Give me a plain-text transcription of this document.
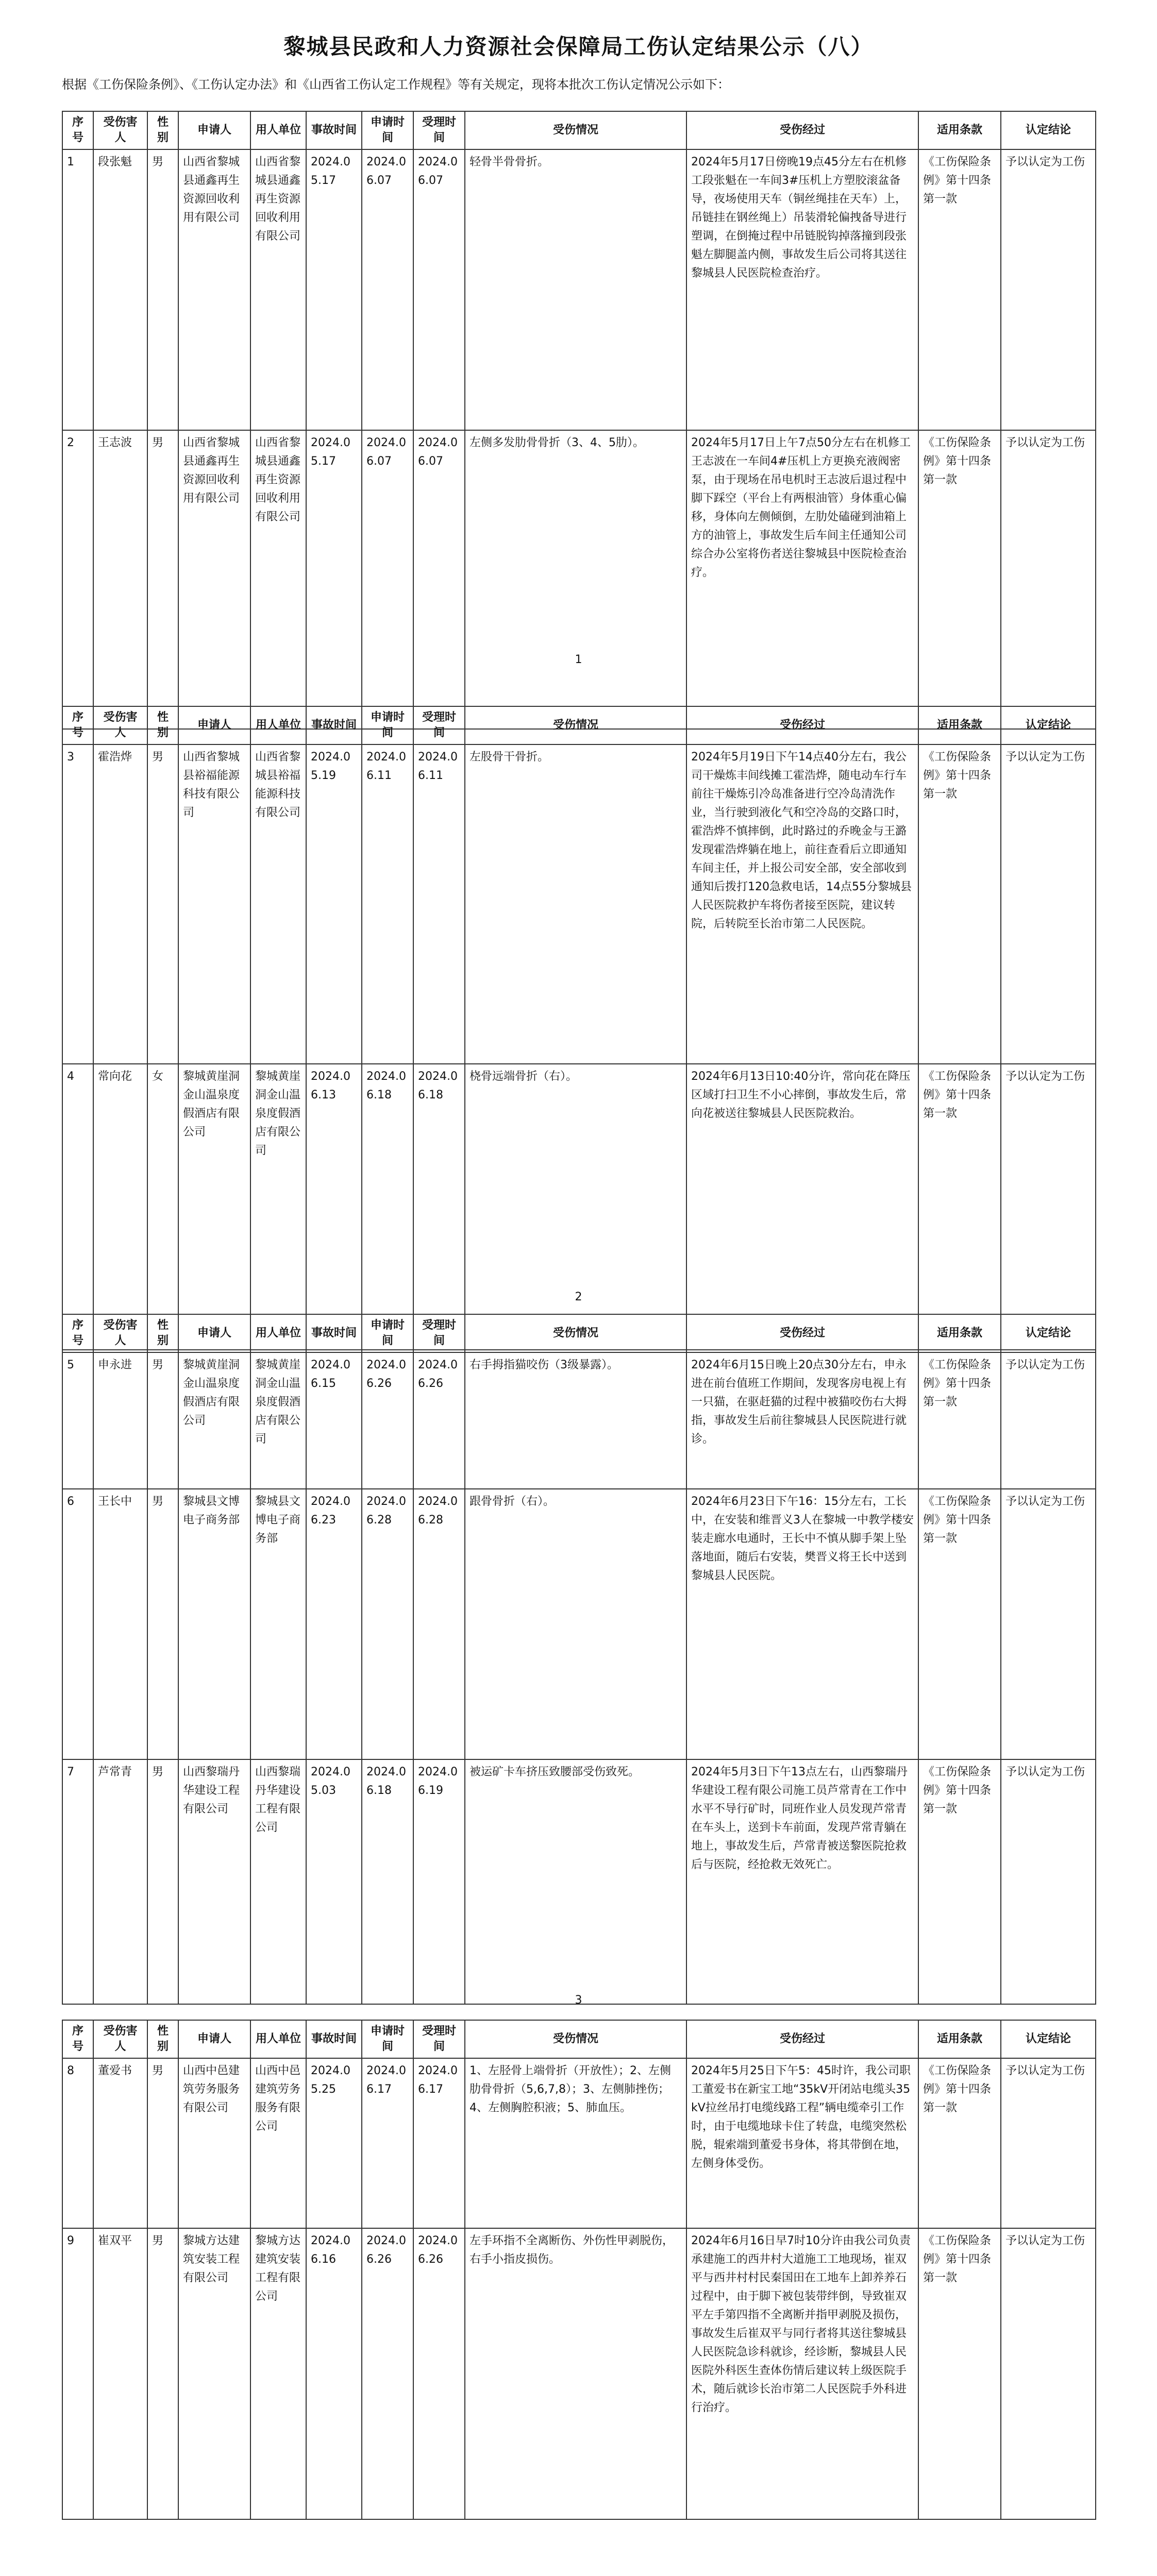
黎城县民政和人力资源社会保障局工伤认定结果公示（八）
根据《工伤保险条例》、《工伤认定办法》和《山西省工伤认定工作规程》等有关规定，现将本批次工伤认定情况公示如下：
序号	受伤害人	性别	申请人	用人单位	事故时间	申请时间	受理时间	受伤情况	受伤经过	适用条款	认定结论
1	段张魁	男	山西省黎城县通鑫再生资源回收利用有限公司	山西省黎城县通鑫再生资源回收利用有限公司	2024.05.17	2024.06.07	2024.06.07	轻骨半骨骨折。	2024年5月17日傍晚19点45分左右在机修工段张魁在一车间3#压机上方塑胶滚盆备导，夜场使用天车（铜丝绳挂在天车）上，吊链挂在钢丝绳上）吊装滑轮偏拽备导进行塑调，在倒掩过程中吊链脱钩掉落撞到段张魁左脚腿盖内侧，事故发生后公司将其送往黎城县人民医院检查治疗。	《工伤保险条例》第十四条第一款	予以认定为工伤
2	王志波	男	山西省黎城县通鑫再生资源回收利用有限公司	山西省黎城县通鑫再生资源回收利用有限公司	2024.05.17	2024.06.07	2024.06.07	左侧多发肋骨骨折（3、4、5肋）。	2024年5月17日上午7点50分左右在机修工王志波在一车间4#压机上方更换充液阀密泵，由于现场在吊电机时王志波后退过程中脚下踩空（平台上有两根油管）身体重心偏移，身体向左侧倾倒，左肋处磕碰到油箱上方的油管上，事故发生后车间主任通知公司综合办公室将伤者送往黎城县中医院检查治疗。	《工伤保险条例》第十四条第一款	予以认定为工伤
1
序号	受伤害人	性别	申请人	用人单位	事故时间	申请时间	受理时间	受伤情况	受伤经过	适用条款	认定结论
3	霍浩烨	男	山西省黎城县裕福能源科技有限公司	山西省黎城县裕福能源科技有限公司	2024.05.19	2024.06.11	2024.06.11	左股骨干骨折。	2024年5月19日下午14点40分左右，我公司干燥炼丰间线摊工霍浩烨，随电动车行车前往干燥炼引冷岛准备进行空冷岛清洗作业，当行驶到液化气和空冷岛的交路口时，霍浩烨不慎摔倒，此时路过的乔晚金与王潞发现霍浩烨躺在地上，前往查看后立即通知车间主任，并上报公司安全部，安全部收到通知后拨打120急救电话，14点55分黎城县人民医院救护车将伤者接至医院，建议转院，后转院至长治市第二人民医院。	《工伤保险条例》第十四条第一款	予以认定为工伤
4	常向花	女	黎城黄崖洞金山温泉度假酒店有限公司	黎城黄崖洞金山温泉度假酒店有限公司	2024.06.13	2024.06.18	2024.06.18	桡骨远端骨折（右）。	2024年6月13日10:40分许，常向花在降压区域打扫卫生不小心摔倒，事故发生后，常向花被送往黎城县人民医院救治。	《工伤保险条例》第十四条第一款	予以认定为工伤
2
序号	受伤害人	性别	申请人	用人单位	事故时间	申请时间	受理时间	受伤情况	受伤经过	适用条款	认定结论
5	申永进	男	黎城黄崖洞金山温泉度假酒店有限公司	黎城黄崖洞金山温泉度假酒店有限公司	2024.06.15	2024.06.26	2024.06.26	右手拇指猫咬伤（3级暴露）。	2024年6月15日晚上20点30分左右，申永进在前台值班工作期间，发现客房电视上有一只猫，在驱赶猫的过程中被猫咬伤右大拇指，事故发生后前往黎城县人民医院进行就诊。	《工伤保险条例》第十四条第一款	予以认定为工伤
6	王长中	男	黎城县文博电子商务部	黎城县文博电子商务部	2024.06.23	2024.06.28	2024.06.28	跟骨骨折（右）。	2024年6月23日下午16：15分左右，工长中，在安装和维晋义3人在黎城一中教学楼安装走廊水电通时，王长中不慎从脚手架上坠落地面，随后右安装，樊晋义将王长中送到黎城县人民医院。	《工伤保险条例》第十四条第一款	予以认定为工伤
7	芦常青	男	山西黎瑞丹华建设工程有限公司	山西黎瑞丹华建设工程有限公司	2024.05.03	2024.06.18	2024.06.19	被运矿卡车挤压致腰部受伤致死。	2024年5月3日下午13点左右，山西黎瑞丹华建设工程有限公司施工员芦常青在工作中水平不导行矿时，同班作业人员发现芦常青在车头上，送到卡车前面，发现芦常青躺在地上，事故发生后，芦常青被送黎医院抢救后与医院，经抢救无效死亡。	《工伤保险条例》第十四条第一款	予以认定为工伤
3
序号	受伤害人	性别	申请人	用人单位	事故时间	申请时间	受理时间	受伤情况	受伤经过	适用条款	认定结论
8	董爱书	男	山西中邑建筑劳务服务有限公司	山西中邑建筑劳务服务有限公司	2024.05.25	2024.06.17	2024.06.17	1、左胫骨上端骨折（开放性）；2、左侧肋骨骨折（5,6,7,8）；3、左侧肺挫伤；4、左侧胸腔积液；5、肺血压。	2024年5月25日下午5：45时许，我公司职工董爱书在新宝工地“35kV开闭站电缆头35kV拉丝吊打电缆线路工程”辆电缆牵引工作时，由于电缆地球卡住了转盘，电缆突然松脱，辊索端到董爱书身体，将其带倒在地，左侧身体受伤。	《工伤保险条例》第十四条第一款	予以认定为工伤
9	崔双平	男	黎城方达建筑安装工程有限公司	黎城方达建筑安装工程有限公司	2024.06.16	2024.06.26	2024.06.26	左手环指不全离断伤、外伤性甲剥脱伤，右手小指皮损伤。	2024年6月16日早7时10分许由我公司负责承建施工的西井村大道施工工地现场，崔双平与西井村村民秦国田在工地车上卸养养石过程中，由于脚下被包装带绊倒，导致崔双平左手第四指不全离断并指甲剥脱及损伤，事故发生后崔双平与同行者将其送往黎城县人民医院急诊科就诊，经诊断，黎城县人民医院外科医生查体伤情后建议转上级医院手术，随后就诊长治市第二人民医院手外科进行治疗。	《工伤保险条例》第十四条第一款	予以认定为工伤
